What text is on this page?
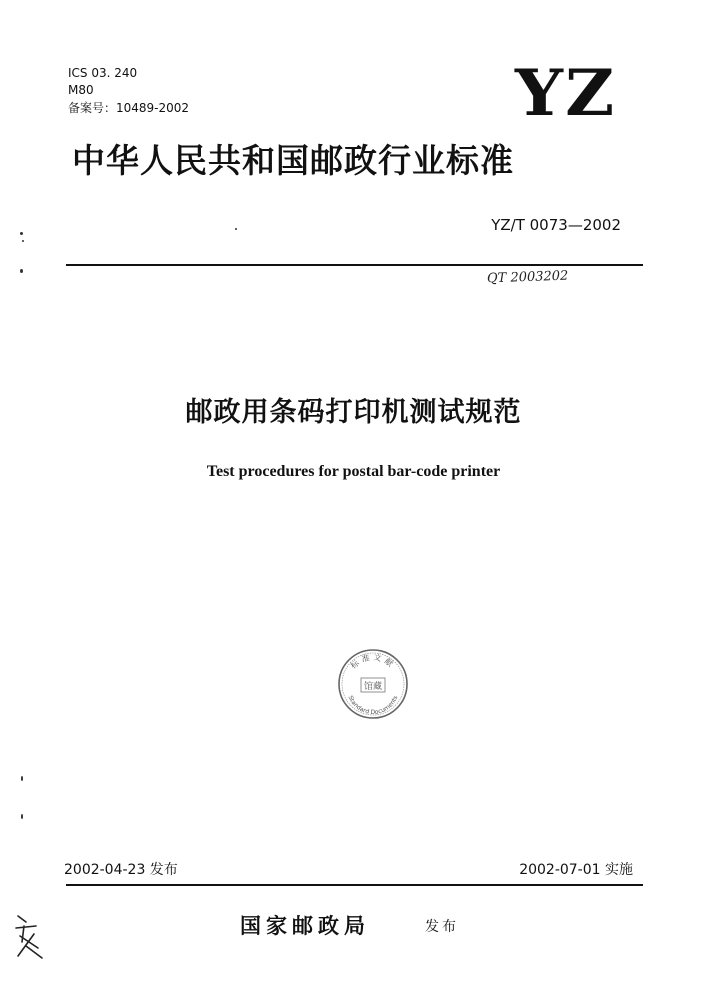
ICS 03. 240
M80
备案号：10489-2002	YZ
中华人民共和国邮政行业标准
YZ/T 0073—2002
QT 2003202
邮政用条码打印机测试规范
Test procedures for postal bar-code printer
标准文献
馆藏
Standard Documents
2002-04-23 发布	2002-07-01 实施
国家邮政局	发布
